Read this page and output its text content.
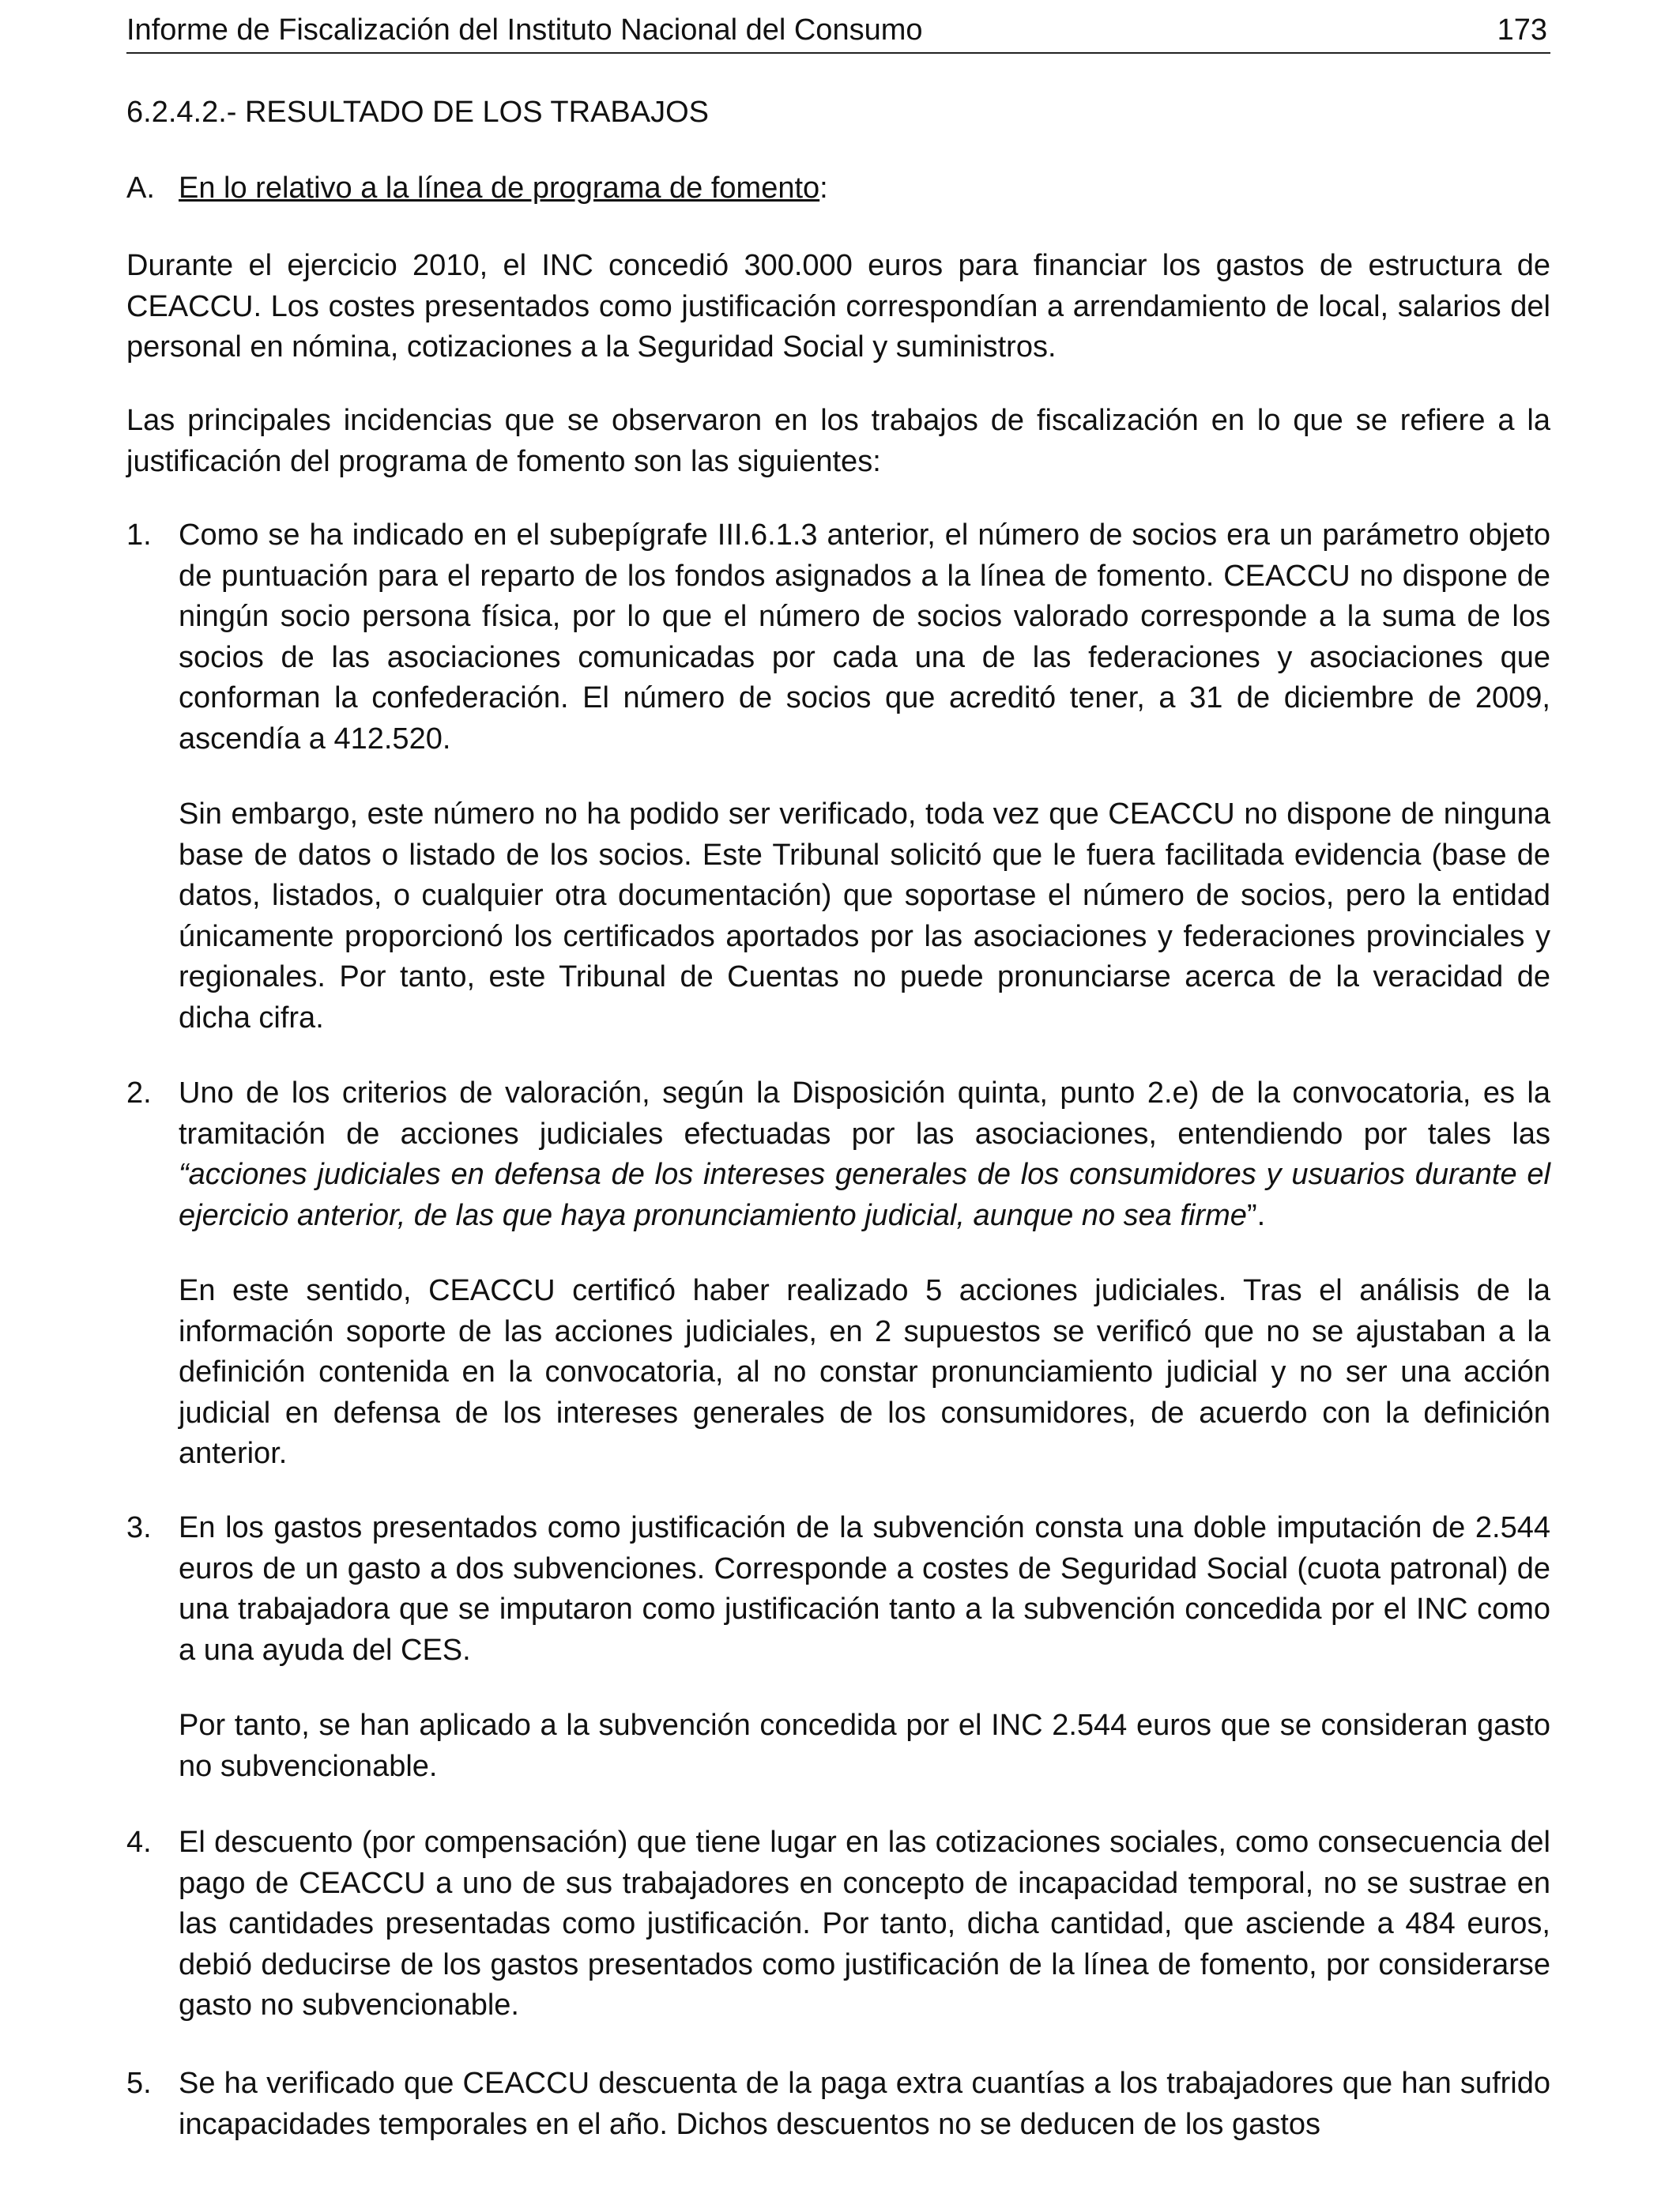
Informe de Fiscalización del Instituto Nacional del Consumo	173
6.2.4.2.- RESULTADO DE LOS TRABAJOS
A. En lo relativo a la línea de programa de fomento:

Durante el ejercicio 2010, el INC concedió 300.000 euros para financiar los gastos de estructura de CEACCU. Los costes presentados como justificación correspondían a arrendamiento de local, salarios del personal en nómina, cotizaciones a la Seguridad Social y suministros.

Las principales incidencias que se observaron en los trabajos de fiscalización en lo que se refiere a la justificación del programa de fomento son las siguientes:

1. Como se ha indicado en el subepígrafe III.6.1.3 anterior, el número de socios era un parámetro objeto de puntuación para el reparto de los fondos asignados a la línea de fomento. CEACCU no dispone de ningún socio persona física, por lo que el número de socios valorado corresponde a la suma de los socios de las asociaciones comunicadas por cada una de las federaciones y asociaciones que conforman la confederación. El número de socios que acreditó tener, a 31 de diciembre de 2009, ascendía a 412.520.

Sin embargo, este número no ha podido ser verificado, toda vez que CEACCU no dispone de ninguna base de datos o listado de los socios. Este Tribunal solicitó que le fuera facilitada evidencia (base de datos, listados, o cualquier otra documentación) que soportase el número de socios, pero la entidad únicamente proporcionó los certificados aportados por las asociaciones y federaciones provinciales y regionales. Por tanto, este Tribunal de Cuentas no puede pronunciarse acerca de la veracidad de dicha cifra.

2. Uno de los criterios de valoración, según la Disposición quinta, punto 2.e) de la convocatoria, es la tramitación de acciones judiciales efectuadas por las asociaciones, entendiendo por tales las “acciones judiciales en defensa de los intereses generales de los consumidores y usuarios durante el ejercicio anterior, de las que haya pronunciamiento judicial, aunque no sea firme”.

En este sentido, CEACCU certificó haber realizado 5 acciones judiciales. Tras el análisis de la información soporte de las acciones judiciales, en 2 supuestos se verificó que no se ajustaban a la definición contenida en la convocatoria, al no constar pronunciamiento judicial y no ser una acción judicial en defensa de los intereses generales de los consumidores, de acuerdo con la definición anterior.

3. En los gastos presentados como justificación de la subvención consta una doble imputación de 2.544 euros de un gasto a dos subvenciones. Corresponde a costes de Seguridad Social (cuota patronal) de una trabajadora que se imputaron como justificación tanto a la subvención concedida por el INC como a una ayuda del CES.

Por tanto, se han aplicado a la subvención concedida por el INC 2.544 euros que se consideran gasto no subvencionable.

4. El descuento (por compensación) que tiene lugar en las cotizaciones sociales, como consecuencia del pago de CEACCU a uno de sus trabajadores en concepto de incapacidad temporal, no se sustrae en las cantidades presentadas como justificación. Por tanto, dicha cantidad, que asciende a 484 euros, debió deducirse de los gastos presentados como justificación de la línea de fomento, por considerarse gasto no subvencionable.

5. Se ha verificado que CEACCU descuenta de la paga extra cuantías a los trabajadores que han sufrido incapacidades temporales en el año. Dichos descuentos no se deducen de los gastos
